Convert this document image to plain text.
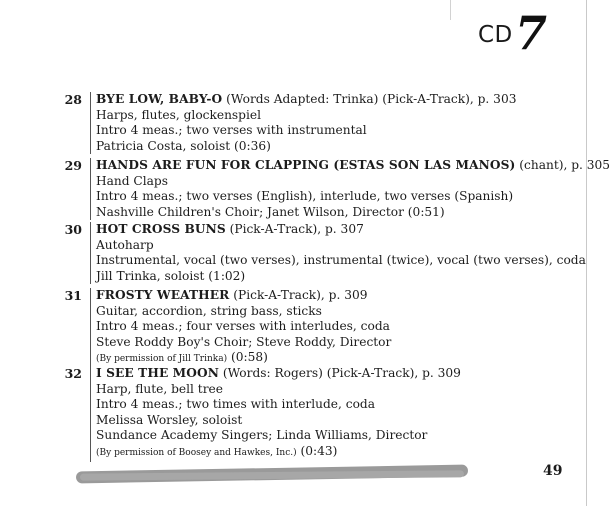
CD 7
28	BYE LOW, BABY-O (Words Adapted: Trinka) (Pick-A-Track), p. 303
Harps, flutes, glockenspiel
Intro 4 meas.; two verses with instrumental
Patricia Costa, soloist (0:36)
29	HANDS ARE FUN FOR CLAPPING (ESTAS SON LAS MANOS) (chant), p. 305
Hand Claps
Intro 4 meas.; two verses (English), interlude, two verses (Spanish)
Nashville Children's Choir; Janet Wilson, Director (0:51)
30	HOT CROSS BUNS (Pick-A-Track), p. 307
Autoharp
Instrumental, vocal (two verses), instrumental (twice), vocal (two verses), coda
Jill Trinka, soloist (1:02)
31	FROSTY WEATHER (Pick-A-Track), p. 309
Guitar, accordion, string bass, sticks
Intro 4 meas.; four verses with interludes, coda
Steve Roddy Boy's Choir; Steve Roddy, Director
(By permission of Jill Trinka) (0:58)
32	I SEE THE MOON (Words: Rogers) (Pick-A-Track), p. 309
Harp, flute, bell tree
Intro 4 meas.; two times with interlude, coda
Melissa Worsley, soloist
Sundance Academy Singers; Linda Williams, Director
(By permission of Boosey and Hawkes, Inc.) (0:43)
49
